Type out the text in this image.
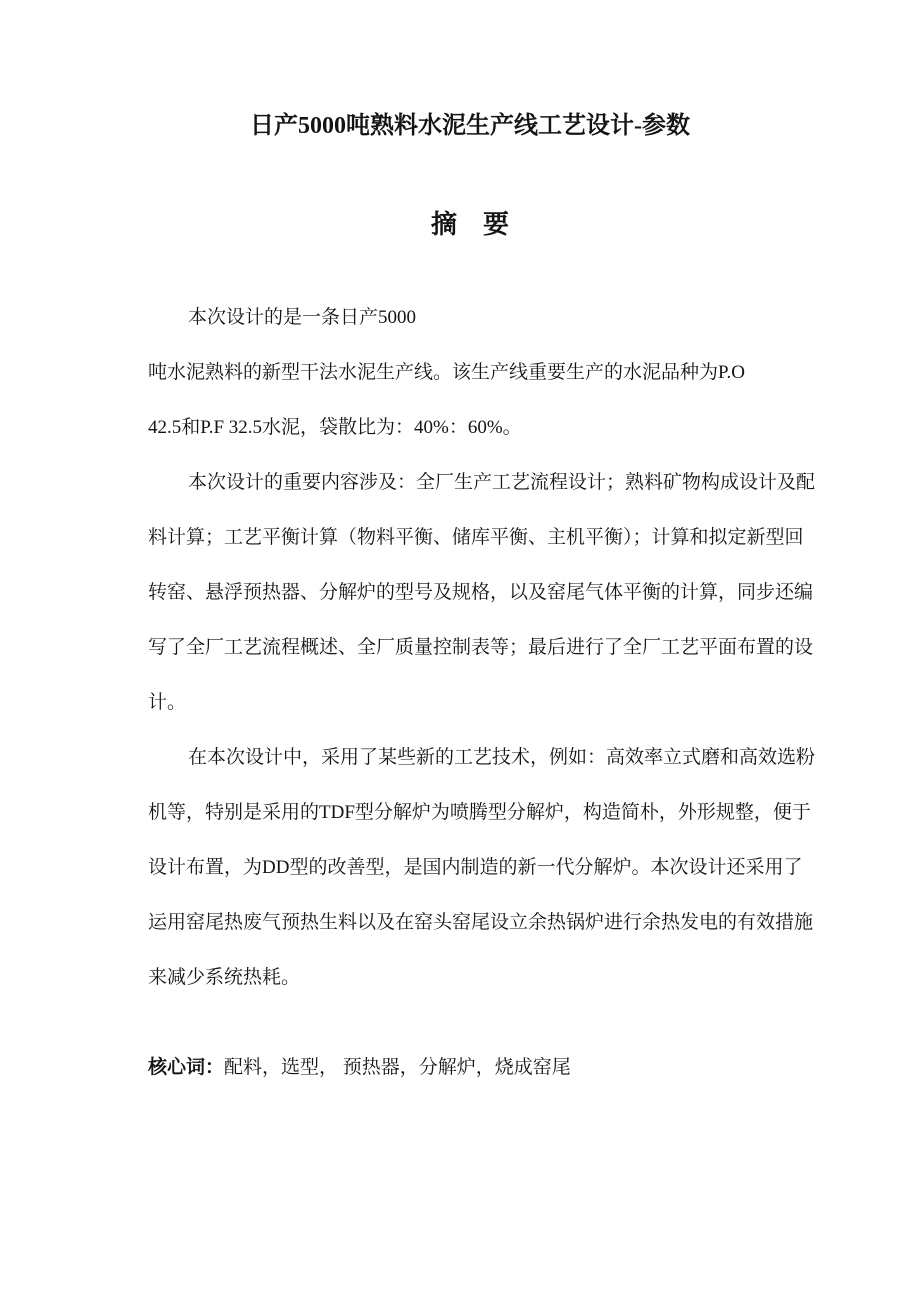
日产5000吨熟料水泥生产线工艺设计-参数
摘　要

本次设计的是一条日产5000
吨水泥熟料的新型干法水泥生产线。该生产线重要生产的水泥品种为P.O
42.5和P.F 32.5水泥，袋散比为：40%：60%。

本次设计的重要内容涉及：全厂生产工艺流程设计；熟料矿物构成设计及配
料计算；工艺平衡计算（物料平衡、储库平衡、主机平衡）；计算和拟定新型回
转窑、悬浮预热器、分解炉的型号及规格，以及窑尾气体平衡的计算，同步还编
写了全厂工艺流程概述、全厂质量控制表等；最后进行了全厂工艺平面布置的设
计。

在本次设计中，采用了某些新的工艺技术，例如：高效率立式磨和高效选粉
机等，特别是采用的TDF型分解炉为喷腾型分解炉，构造简朴，外形规整，便于
设计布置，为DD型的改善型，是国内制造的新一代分解炉。本次设计还采用了
运用窑尾热废气预热生料以及在窑头窑尾设立余热锅炉进行余热发电的有效措施
来减少系统热耗。

核心词：配料，选型， 预热器，分解炉，烧成窑尾
